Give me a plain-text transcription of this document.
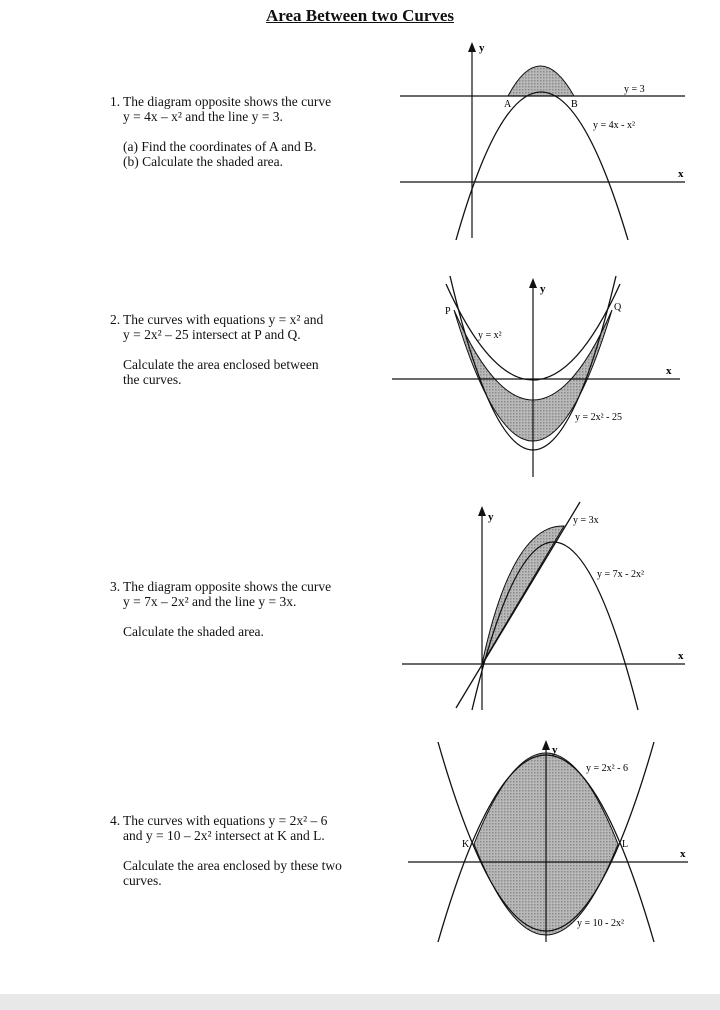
Area Between two Curves

1. The diagram opposite shows the curve
y = 4x – x² and the line y = 3.

(a) Find the coordinates of A and B.
(b) Calculate the shaded area.

y
x
y = 3
y = 4x - x²
A	B

2. The curves with equations y = x² and
y = 2x² – 25 intersect at P and Q.

Calculate the area enclosed between
the curves.

y
x
y = x²
y = 2x² - 25
P	Q

3. The diagram opposite shows the curve
y = 7x – 2x² and the line y = 3x.

Calculate the shaded area.

y
x
y = 3x
y = 7x - 2x²

4. The curves with equations y = 2x² – 6
and y = 10 – 2x² intersect at K and L.

Calculate the area enclosed by these two
curves.

y
x
y = 2x² - 6
y = 10 - 2x²
K	L
